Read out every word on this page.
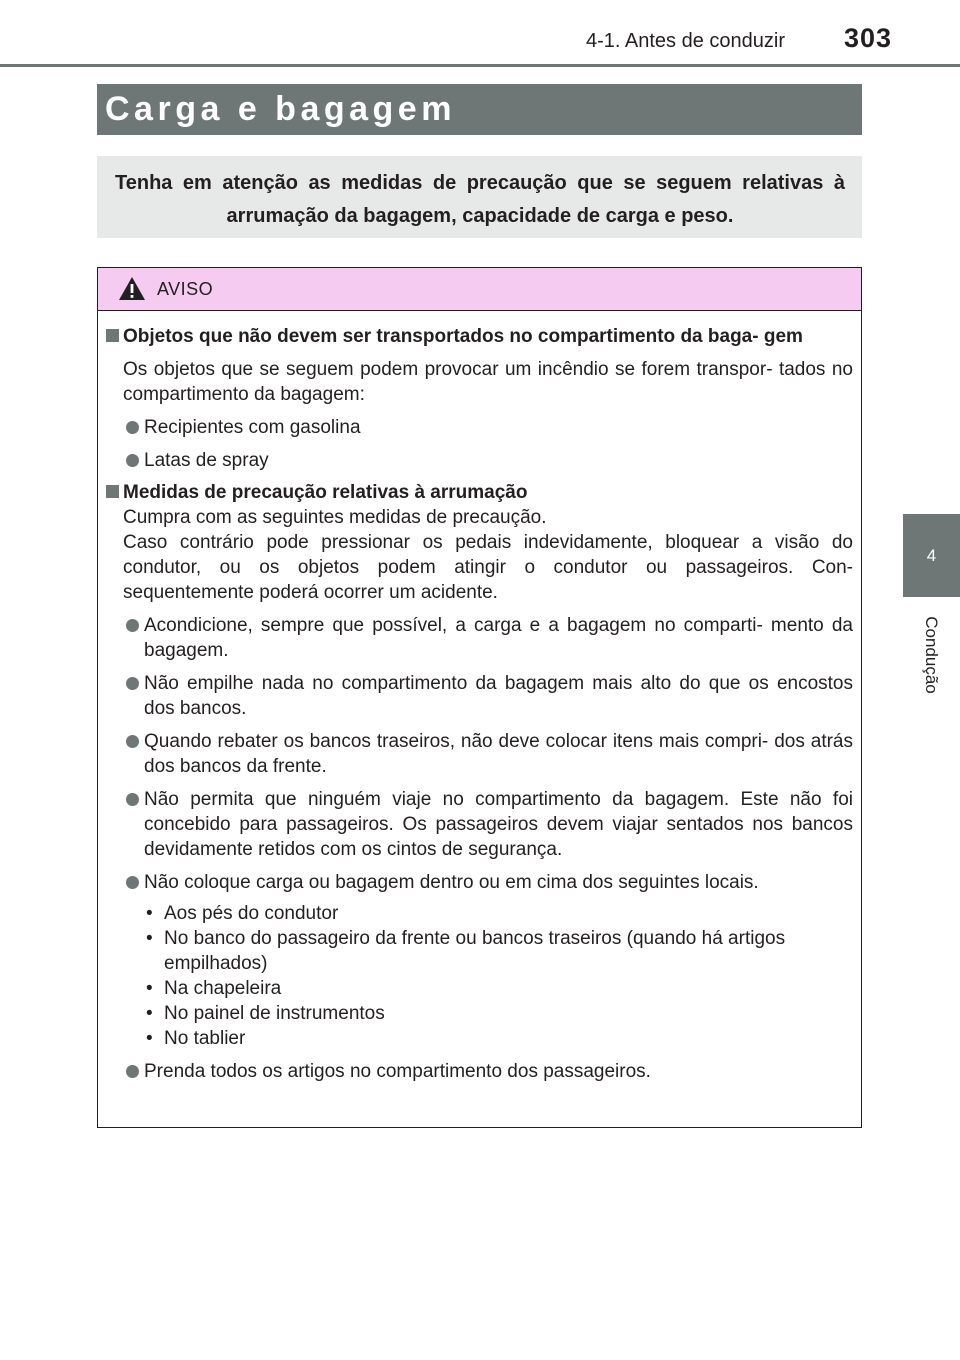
4-1. Antes de conduzir 303
4
Condução
Carga e bagagem
Tenha em atenção as medidas de precaução que se seguem relativas à arrumação da bagagem, capacidade de carga e peso.
AVISO
Objetos que não devem ser transportados no compartimento da baga- gem
Os objetos que se seguem podem provocar um incêndio se forem transpor- tados no compartimento da bagagem:
Recipientes com gasolina
Latas de spray
Medidas de precaução relativas à arrumação
Cumpra com as seguintes medidas de precaução.
Caso contrário pode pressionar os pedais indevidamente, bloquear a visão do condutor, ou os objetos podem atingir o condutor ou passageiros. Con- sequentemente poderá ocorrer um acidente.
Acondicione, sempre que possível, a carga e a bagagem no comparti- mento da bagagem.
Não empilhe nada no compartimento da bagagem mais alto do que os encostos dos bancos.
Quando rebater os bancos traseiros, não deve colocar itens mais compri- dos atrás dos bancos da frente.
Não permita que ninguém viaje no compartimento da bagagem. Este não foi concebido para passageiros. Os passageiros devem viajar sentados nos bancos devidamente retidos com os cintos de segurança.
Não coloque carga ou bagagem dentro ou em cima dos seguintes locais.
• Aos pés do condutor
• No banco do passageiro da frente ou bancos traseiros (quando há artigos empilhados)
• Na chapeleira
• No painel de instrumentos
• No tablier
Prenda todos os artigos no compartimento dos passageiros.
